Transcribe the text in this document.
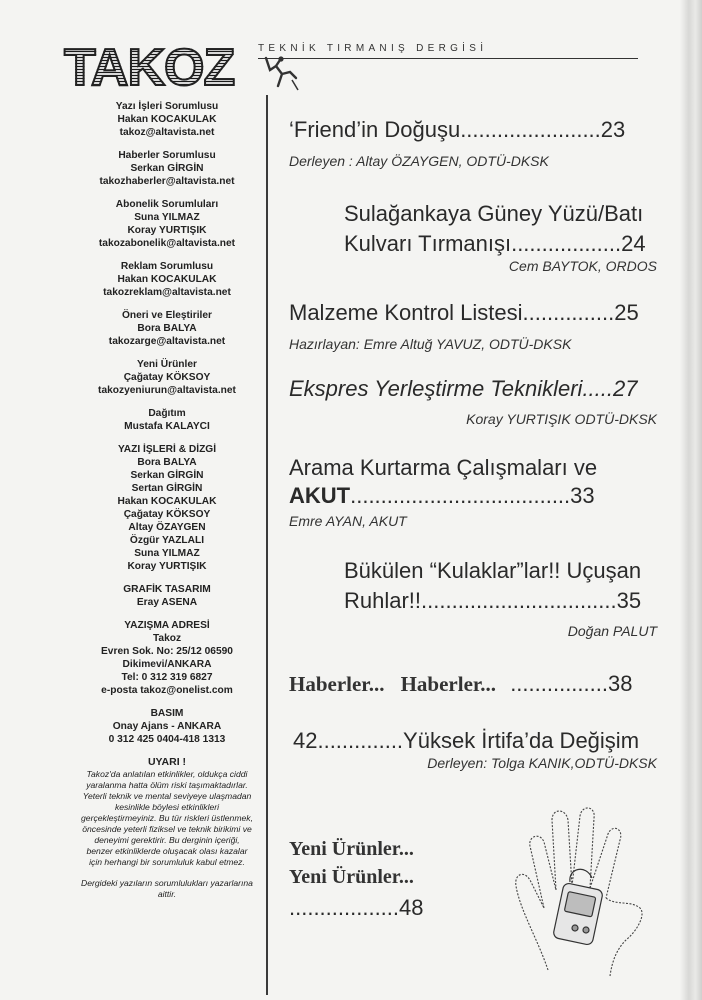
TAKOZ TEKNİK TIRMANIŞ DERGİSİ
Yazı İşleri Sorumlusu
Hakan KOCAKULAK
takoz@altavista.net
Haberler Sorumlusu
Serkan GİRGİN
takozhaberler@altavista.net
Abonelik Sorumluları
Suna YILMAZ
Koray YURTIŞIK
takozabonelik@altavista.net
Reklam Sorumlusu
Hakan KOCAKULAK
takozreklam@altavista.net
Öneri ve Eleştiriler
Bora BALYA
takozarge@altavista.net
Yeni Ürünler
Çağatay KÖKSOY
takozyeniurun@altavista.net
Dağıtım
Mustafa KALAYCI
YAZI İŞLERİ & DİZGİ
Bora BALYA
Serkan GİRGİN
Sertan GİRGİN
Hakan KOCAKULAK
Çağatay KÖKSOY
Altay ÖZAYGEN
Özgür YAZLALI
Suna YILMAZ
Koray YURTIŞIK
GRAFİK TASARIM
Eray ASENA
YAZIŞMA ADRESİ
Takoz
Evren Sok. No: 25/12 06590
Dikimevi/ANKARA
Tel: 0 312 319 6827
e-posta takoz@onelist.com
BASIM
Onay Ajans - ANKARA
0 312 425 0404-418 1313
UYARI !
Takoz'da anlatılan etkinlikler, oldukça ciddi
yaralanma hatta ölüm riski taşımaktadırlar.
Yeterli teknik ve mental seviyeye ulaşmadan
kesinlikle böylesi etkinlikleri
gerçekleştirmeyiniz. Bu tür riskleri üstlenmek,
öncesinde yeterli fiziksel ve teknik birikimi ve
deneyimi gerektirir. Bu derginin içeriği,
benzer etkinliklerde oluşacak olası kazalar
için herhangi bir sorumluluk kabul etmez.
Dergideki yazıların sorumlulukları yazarlarına
aittir.
‘Friend’in Doğuşu.......................23
Derleyen : Altay ÖZAYGEN, ODTÜ-DKSK
Sulağankaya Güney Yüzü/Batı
Kulvarı Tırmanışı..................24
Cem BAYTOK, ORDOS
Malzeme Kontrol Listesi...............25
Hazırlayan: Emre Altuğ YAVUZ, ODTÜ-DKSK
Ekspres Yerleştirme Teknikleri.....27
Koray YURTIŞIK ODTÜ-DKSK
Arama Kurtarma Çalışmaları ve
AKUT....................................33
Emre AYAN, AKUT
Bükülen “Kulaklar”lar!! Uçuşan
Ruhlar!!................................35
Doğan PALUT
Haberler... Haberler... ................38
42..............Yüksek İrtifa’da Değişim
Derleyen: Tolga KANIK,ODTÜ-DKSK
Yeni Ürünler...
Yeni Ürünler...
..................48
